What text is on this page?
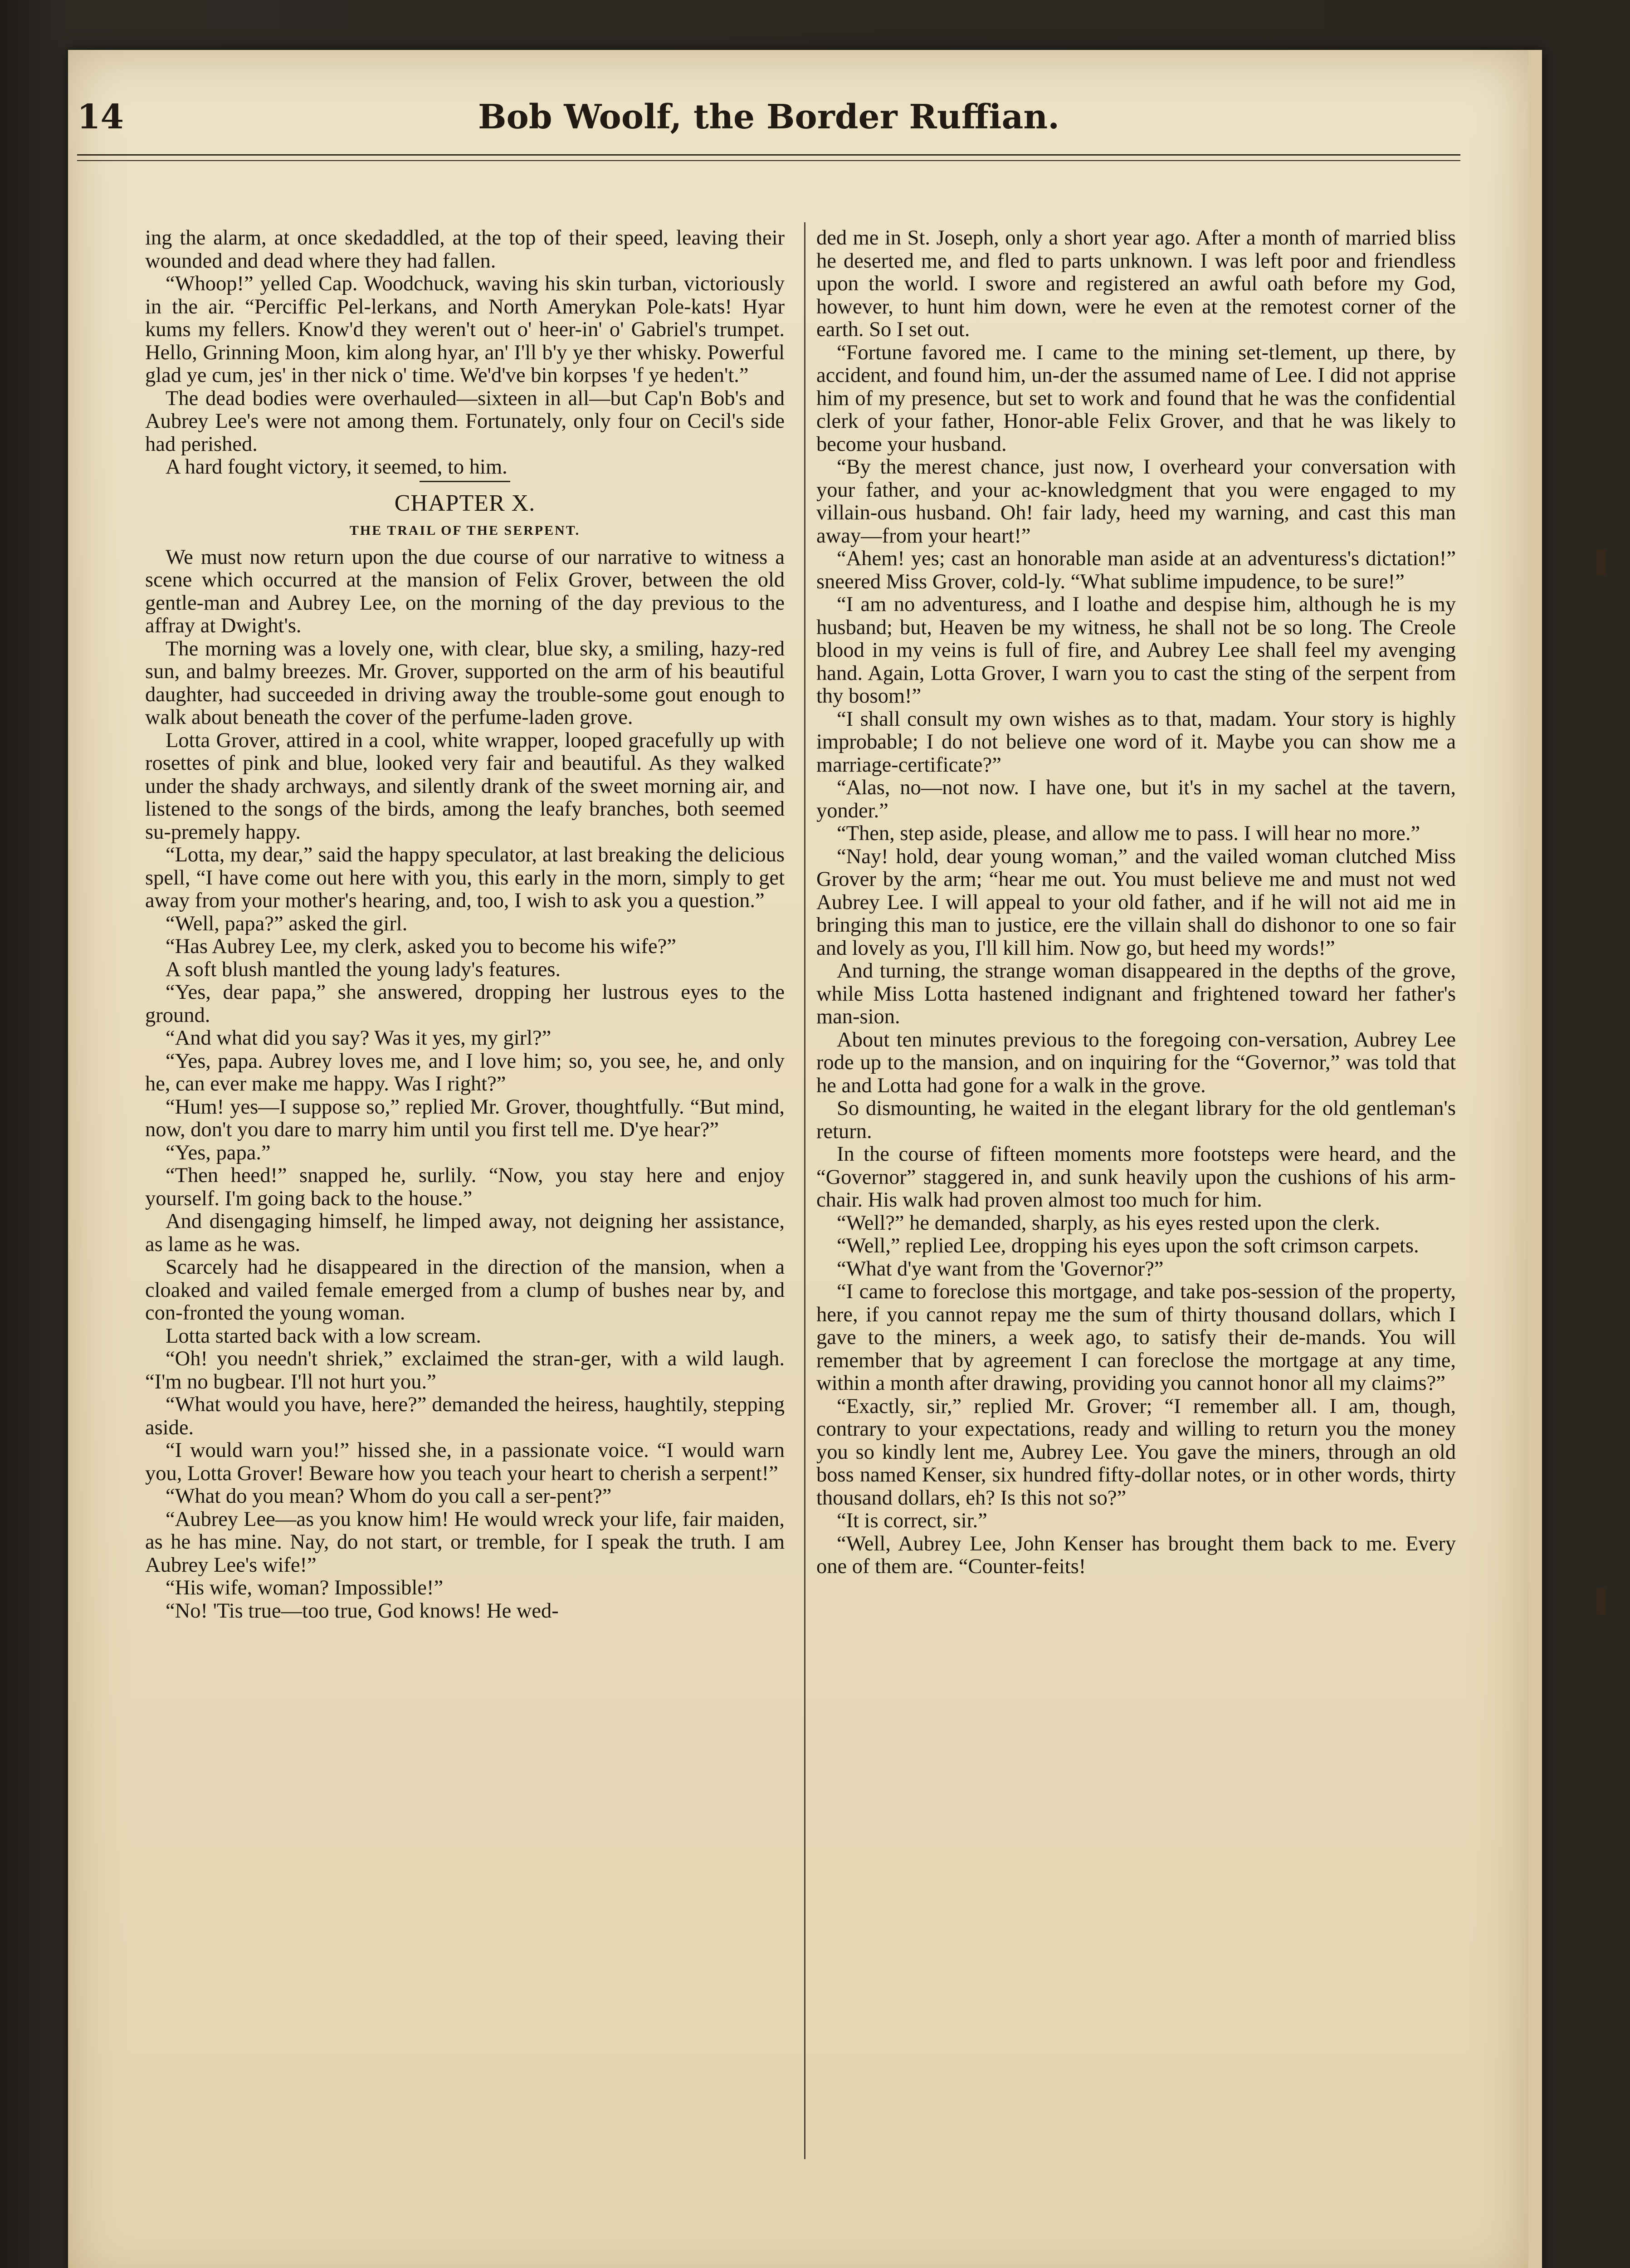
14	Bob Woolf, the Border Ruffian.

ing the alarm, at once skedaddled, at the top of their speed, leaving their wounded and dead where they had fallen.

“Whoop!” yelled Cap. Woodchuck, waving his skin turban, victoriously in the air. “Perciffic Pel-lerkans, and North Amerykan Pole-kats! Hyar kums my fellers. Know'd they weren't out o' heer-in' o' Gabriel's trumpet. Hello, Grinning Moon, kim along hyar, an' I'll b'y ye ther whisky. Powerful glad ye cum, jes' in ther nick o' time. We'd've bin korpses 'f ye heden't.”

The dead bodies were overhauled—sixteen in all—but Cap'n Bob's and Aubrey Lee's were not among them. Fortunately, only four on Cecil's side had perished.

A hard fought victory, it seemed, to him.

CHAPTER X.

THE TRAIL OF THE SERPENT.

We must now return upon the due course of our narrative to witness a scene which occurred at the mansion of Felix Grover, between the old gentle-man and Aubrey Lee, on the morning of the day previous to the affray at Dwight's.

The morning was a lovely one, with clear, blue sky, a smiling, hazy-red sun, and balmy breezes. Mr. Grover, supported on the arm of his beautiful daughter, had succeeded in driving away the trouble-some gout enough to walk about beneath the cover of the perfume-laden grove.

Lotta Grover, attired in a cool, white wrapper, looped gracefully up with rosettes of pink and blue, looked very fair and beautiful. As they walked under the shady archways, and silently drank of the sweet morning air, and listened to the songs of the birds, among the leafy branches, both seemed su-premely happy.

“Lotta, my dear,” said the happy speculator, at last breaking the delicious spell, “I have come out here with you, this early in the morn, simply to get away from your mother's hearing, and, too, I wish to ask you a question.”

“Well, papa?” asked the girl.

“Has Aubrey Lee, my clerk, asked you to become his wife?”

A soft blush mantled the young lady's features.

“Yes, dear papa,” she answered, dropping her lustrous eyes to the ground.

“And what did you say? Was it yes, my girl?”

“Yes, papa. Aubrey loves me, and I love him; so, you see, he, and only he, can ever make me happy. Was I right?”

“Hum! yes—I suppose so,” replied Mr. Grover, thoughtfully. “But mind, now, don't you dare to marry him until you first tell me. D'ye hear?”

“Yes, papa.”

“Then heed!” snapped he, surlily. “Now, you stay here and enjoy yourself. I'm going back to the house.”

And disengaging himself, he limped away, not deigning her assistance, as lame as he was.

Scarcely had he disappeared in the direction of the mansion, when a cloaked and vailed female emerged from a clump of bushes near by, and con-fronted the young woman.

Lotta started back with a low scream.

“Oh! you needn't shriek,” exclaimed the stran-ger, with a wild laugh. “I'm no bugbear. I'll not hurt you.”

“What would you have, here?” demanded the heiress, haughtily, stepping aside.

“I would warn you!” hissed she, in a passionate voice. “I would warn you, Lotta Grover! Beware how you teach your heart to cherish a serpent!”

“What do you mean? Whom do you call a ser-pent?”

“Aubrey Lee—as you know him! He would wreck your life, fair maiden, as he has mine. Nay, do not start, or tremble, for I speak the truth. I am Aubrey Lee's wife!”

“His wife, woman? Impossible!”

“No! 'Tis true—too true, God knows! He wed-

ded me in St. Joseph, only a short year ago. After a month of married bliss he deserted me, and fled to parts unknown. I was left poor and friendless upon the world. I swore and registered an awful oath before my God, however, to hunt him down, were he even at the remotest corner of the earth. So I set out.

“Fortune favored me. I came to the mining set-tlement, up there, by accident, and found him, un-der the assumed name of Lee. I did not apprise him of my presence, but set to work and found that he was the confidential clerk of your father, Honor-able Felix Grover, and that he was likely to become your husband.

“By the merest chance, just now, I overheard your conversation with your father, and your ac-knowledgment that you were engaged to my villain-ous husband. Oh! fair lady, heed my warning, and cast this man away—from your heart!”

“Ahem! yes; cast an honorable man aside at an adventuress's dictation!” sneered Miss Grover, cold-ly. “What sublime impudence, to be sure!”

“I am no adventuress, and I loathe and despise him, although he is my husband; but, Heaven be my witness, he shall not be so long. The Creole blood in my veins is full of fire, and Aubrey Lee shall feel my avenging hand. Again, Lotta Grover, I warn you to cast the sting of the serpent from thy bosom!”

“I shall consult my own wishes as to that, madam. Your story is highly improbable; I do not believe one word of it. Maybe you can show me a marriage-certificate?”

“Alas, no—not now. I have one, but it's in my sachel at the tavern, yonder.”

“Then, step aside, please, and allow me to pass. I will hear no more.”

“Nay! hold, dear young woman,” and the vailed woman clutched Miss Grover by the arm; “hear me out. You must believe me and must not wed Aubrey Lee. I will appeal to your old father, and if he will not aid me in bringing this man to justice, ere the villain shall do dishonor to one so fair and lovely as you, I'll kill him. Now go, but heed my words!”

And turning, the strange woman disappeared in the depths of the grove, while Miss Lotta hastened indignant and frightened toward her father's man-sion.

About ten minutes previous to the foregoing con-versation, Aubrey Lee rode up to the mansion, and on inquiring for the “Governor,” was told that he and Lotta had gone for a walk in the grove.

So dismounting, he waited in the elegant library for the old gentleman's return.

In the course of fifteen moments more footsteps were heard, and the “Governor” staggered in, and sunk heavily upon the cushions of his arm-chair. His walk had proven almost too much for him.

“Well?” he demanded, sharply, as his eyes rested upon the clerk.

“Well,” replied Lee, dropping his eyes upon the soft crimson carpets.

“What d'ye want from the 'Governor?”

“I came to foreclose this mortgage, and take pos-session of the property, here, if you cannot repay me the sum of thirty thousand dollars, which I gave to the miners, a week ago, to satisfy their de-mands. You will remember that by agreement I can foreclose the mortgage at any time, within a month after drawing, providing you cannot honor all my claims?”

“Exactly, sir,” replied Mr. Grover; “I remember all. I am, though, contrary to your expectations, ready and willing to return you the money you so kindly lent me, Aubrey Lee. You gave the miners, through an old boss named Kenser, six hundred fifty-dollar notes, or in other words, thirty thousand dollars, eh? Is this not so?”

“It is correct, sir.”

“Well, Aubrey Lee, John Kenser has brought them back to me. Every one of them are. “Counter-feits!
